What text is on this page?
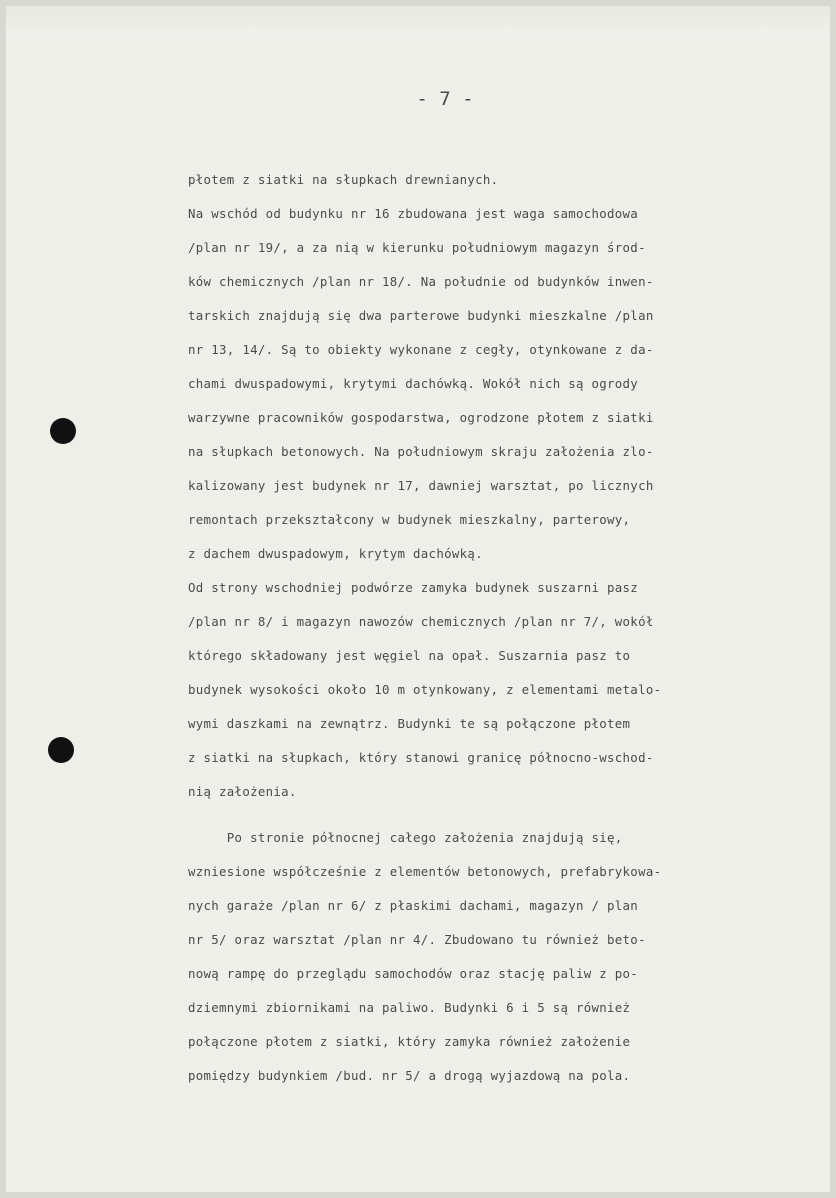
- 7 -
płotem z siatki na słupkach drewnianych.
Na wschód od budynku nr 16 zbudowana jest waga samochodowa
/plan nr 19/, a za nią w kierunku południowym magazyn środ-
ków chemicznych /plan nr 18/. Na południe od budynków inwen-
tarskich znajdują się dwa parterowe budynki mieszkalne /plan
nr 13, 14/. Są to obiekty wykonane z cegły, otynkowane z da-
chami dwuspadowymi, krytymi dachówką. Wokół nich są ogrody
warzywne pracowników gospodarstwa, ogrodzone płotem z siatki
na słupkach betonowych. Na południowym skraju założenia zlo-
kalizowany jest budynek nr 17, dawniej warsztat, po licznych
remontach przekształcony w budynek mieszkalny, parterowy,
z dachem dwuspadowym, krytym dachówką.
Od strony wschodniej podwórze zamyka budynek suszarni pasz
/plan nr 8/ i magazyn nawozów chemicznych /plan nr 7/, wokół
którego składowany jest węgiel na opał. Suszarnia pasz to
budynek wysokości około 10 m otynkowany, z elementami metalo-
wymi daszkami na zewnątrz. Budynki te są połączone płotem
z siatki na słupkach, który stanowi granicę północno-wschod-
nią założenia.
Po stronie północnej całego założenia znajdują się,
wzniesione współcześnie z elementów betonowych, prefabrykowa-
nych garaże /plan nr 6/ z płaskimi dachami, magazyn / plan
nr 5/ oraz warsztat /plan nr 4/. Zbudowano tu również beto-
nową rampę do przeglądu samochodów oraz stację paliw z po-
dziemnymi zbiornikami na paliwo. Budynki 6 i 5 są również
połączone płotem z siatki, który zamyka również założenie
pomiędzy budynkiem /bud. nr 5/ a drogą wyjazdową na pola.
